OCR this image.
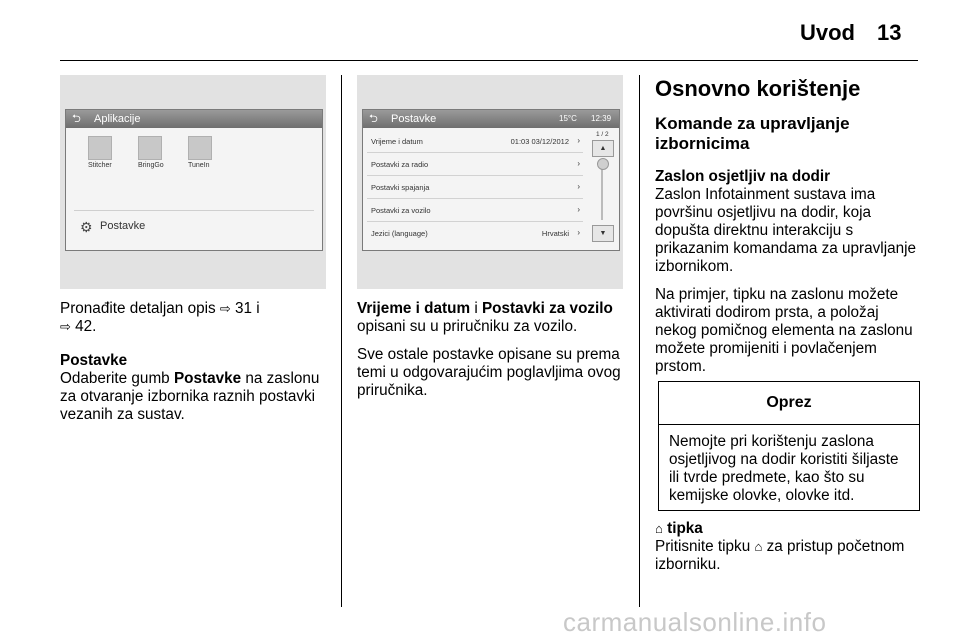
Uvod 13
⮌ Aplikacije
Stitcher	BringGo	TuneIn
⚙ Postavke
⮌ Postavke	15°C 12:39
Vrijeme i datum	01:03 03/12/2012 ›
Postavki za radio	›
Postavki spajanja	›
Postavki za vozilo	›
Jezici (language)	Hrvatski ›
1 / 2
▲
▼

Pronađite detaljan opis ⇨ 31 i
⇨ 42.

Postavke
Odaberite gumb Postavke na zaslonu za otvaranje izbornika raznih postavki vezanih za sustav.

Vrijeme i datum i Postavki za vozilo opisani su u priručniku za vozilo.

Sve ostale postavke opisane su prema temi u odgovarajućim poglavljima ovog priručnika.

Osnovno korištenje
Komande za upravljanje izbornicima

Zaslon osjetljiv na dodir
Zaslon Infotainment sustava ima površinu osjetljivu na dodir, koja dopušta direktnu interakciju s prikazanim komandama za upravljanje izbornikom.

Na primjer, tipku na zaslonu možete aktivirati dodirom prsta, a položaj nekog pomičnog elementa na zaslonu možete promijeniti i povlačenjem prstom.

Oprez
Nemojte pri korištenju zaslona osjetljivog na dodir koristiti šiljaste ili tvrde predmete, kao što su kemijske olovke, olovke itd.

⌂ tipka
Pritisnite tipku ⌂ za pristup početnom izborniku.

carmanualsonline.info
